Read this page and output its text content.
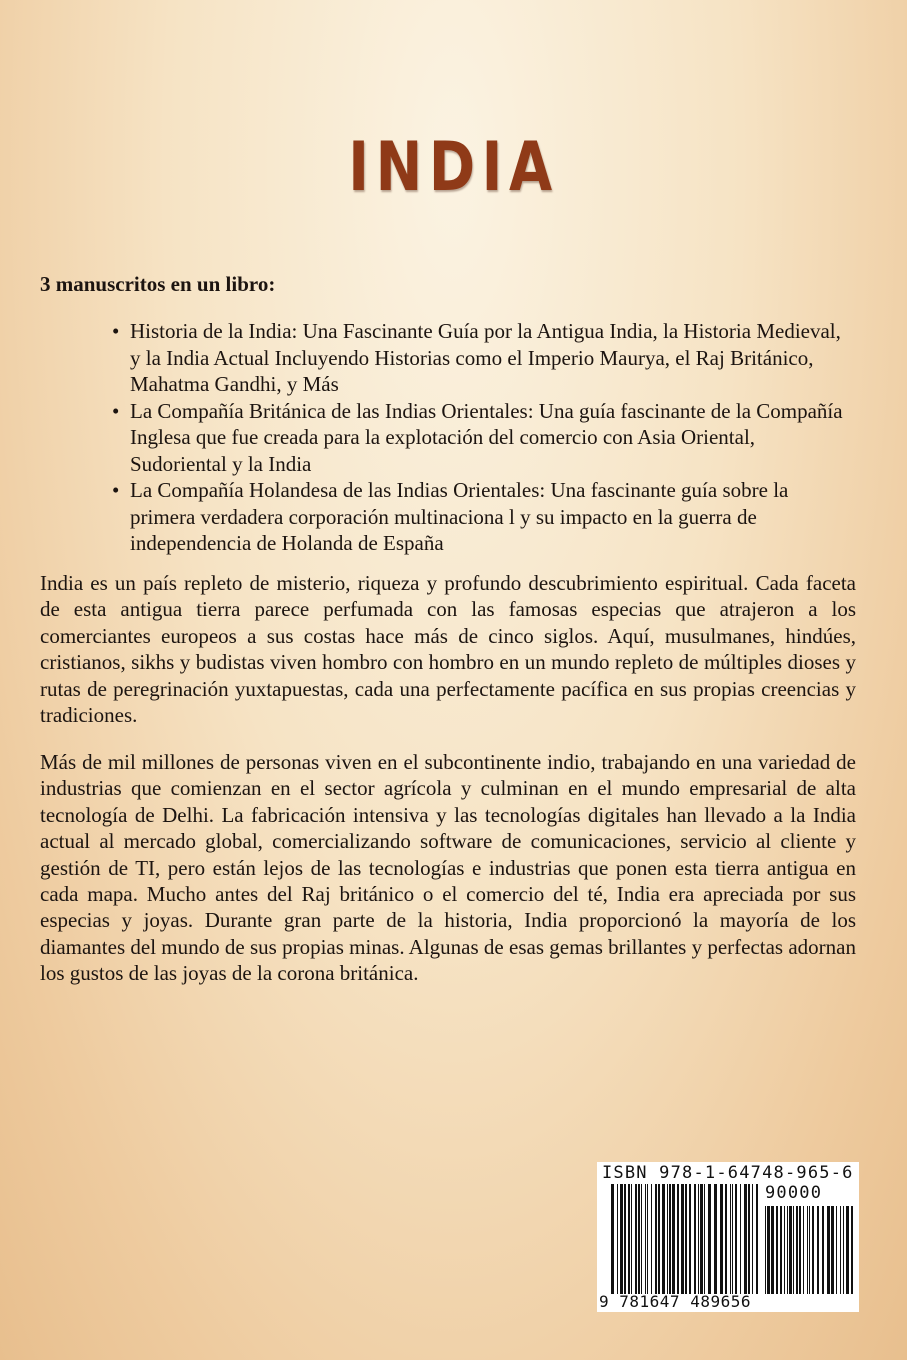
INDIA
3 manuscritos en un libro:
• Historia de la India: Una Fascinante Guía por la Antigua India, la Historia Medieval, y la India Actual Incluyendo Historias como el Imperio Maurya, el Raj Británico, Mahatma Gandhi, y Más
• La Compañía Británica de las Indias Orientales: Una guía fascinante de la Compañía Inglesa que fue creada para la explotación del comercio con Asia Oriental, Sudoriental y la India
• La Compañía Holandesa de las Indias Orientales: Una fascinante guía sobre la primera verdadera corporación multinaciona l y su impacto en la guerra de independencia de Holanda de España

India es un país repleto de misterio, riqueza y profundo descubrimiento espiritual. Cada faceta de esta antigua tierra parece perfumada con las famosas especias que atrajeron a los comerciantes europeos a sus costas hace más de cinco siglos. Aquí, musulmanes, hindúes, cristianos, sikhs y budistas viven hombro con hombro en un mundo repleto de múltiples dioses y rutas de peregrinación yuxtapuestas, cada una perfectamente pacífica en sus propias creencias y tradiciones.

Más de mil millones de personas viven en el subcontinente indio, trabajando en una variedad de industrias que comienzan en el sector agrícola y culminan en el mundo empresarial de alta tecnología de Delhi. La fabricación intensiva y las tecnologías digitales han llevado a la India actual al mercado global, comercializando software de comunicaciones, servicio al cliente y gestión de TI, pero están lejos de las tecnologías e industrias que ponen esta tierra antigua en cada mapa. Mucho antes del Raj británico o el comercio del té, India era apreciada por sus especias y joyas. Durante gran parte de la historia, India proporcionó la mayoría de los diamantes del mundo de sus propias minas. Algunas de esas gemas brillantes y perfectas adornan los gustos de las joyas de la corona británica.

ISBN 978-1-64748-965-6
90000
9 781647 489656
